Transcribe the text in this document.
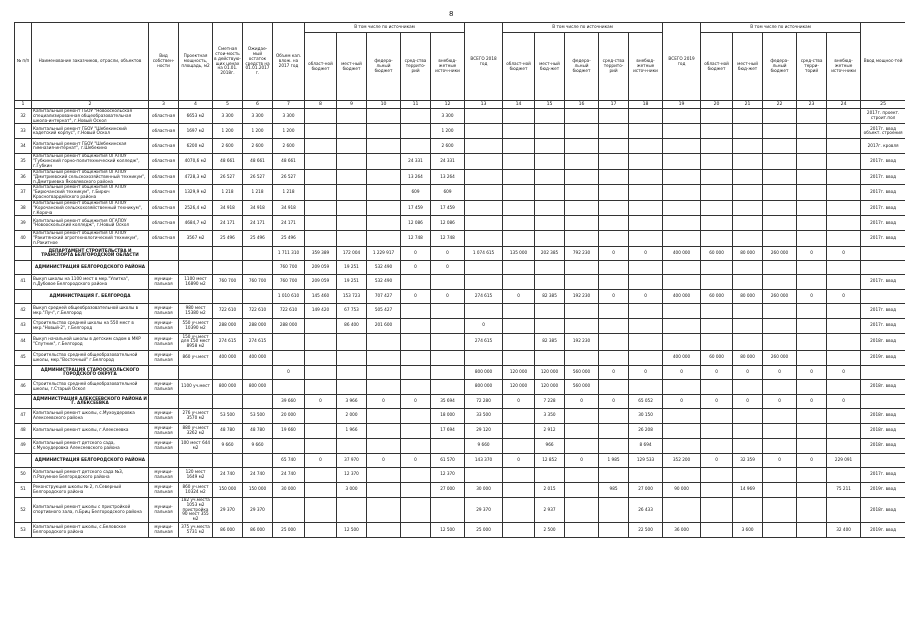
8
№ п/п	Наименование заказчиков, отрасли, объектов	Вид собствен-ности	Проектная мощность, площадь, м2	Сметная стои-мость в действую-щих ценах на 01.01. 2018г.	Ожидае-мый остаток средств на 01.01.2017 г.	Объем кап. влож. на 2017 год	В том числе по источникам					ВСЕГО 2018 год	В том числе по источникам					ВСЕГО 2019 год	В том числе по источникам					Ввод мощнос-тей
							област-ной бюджет	мест-ный бюджет	федера-льный бюджет	сред-ства террито-рий	внебюд-жетные источ-ники		област-ной бюджет	мест-ный бюд-жет	федера-льный бюджет	сред-ства террито-рий	внебюд-жетные источ-ники		област-ной бюджет	мест-ный бюд-жет	федера-льный бюджет	сред-ства терри-торий	внебюд-жетные источ-ники	
1	2	3	4	5	6	7	8	9	10	11	12	13	14	15	16	17	18	19	20	21	22	23	24	25
32	Капитальный ремонт ГБОУ "Новооскольская специализированная общеобразовательная школа-интернат", г.Новый Оскол	областная	6653 м2	3 300	3 300	3 300					3 300													2017г. проект. строит.пол
33	Капитальный ремонт ГБОУ "Шебекинский кадетский корпус", г.Новый Оскол	областная	1697 м2	1 200	1 200	1 200					1 200													2017г. ввод объект. строения
34	Капитальный ремонт ГБОУ "Шебекинская гимназия-интернат", г.Шебекино	областная	6200 м2	2 600	2 600	2 600					2 600													2017г. кровля
35	Капитальный ремонт общежития ОГАПОУ "Губкинский горно-политехнический колледж", г.Губкин	областная	4070,6 м2	48 661	48 661	48 661				24 331	24 331													2017г. ввод
36	Капитальный ремонт общежития ОГАПОУ "Дмитриевский сельскохозяйственный техникум", п.Дмитриевка Яковлевского района	областная	4728,3 м2	26 527	26 527	26 527				13 264	13 264													2017г. ввод
37	Капитальный ремонт общежития ОГАПОУ "Бирючанский техникум", г.Бирюч Красногвардейского района	областная	1329,9 м2	1 218	1 218	1 218				609	609													2017г. ввод
38	Капитальный ремонт общежития ОГАПОУ "Корочанский сельскохозяйственный техникум", г.Короча	областная	2526,4 м2	34 918	34 918	34 918				17 459	17 459													2017г. ввод
39	Капитальный ремонт общежития ОГАПОУ "Новооскольский колледж", г.Новый Оскол	областная	4684,7 м2	24 171	24 171	24 171				12 086	12 086													2017г. ввод
40	Капитальный ремонт общежития ОГАПОУ "Ракитянский агротехнологический техникум", п.Ракитное	областная	3567 м2	25 496	25 496	25 496				12 748	12 748													2017г. ввод
	ДЕПАРТАМЕНТ СТРОИТЕЛЬСТВА И ТРАНСПОРТА БЕЛГОРОДСКОЙ ОБЛАСТИ					1 711 310	359 389	172 004	1 229 917	0	0	1 074 615	135 000	202 385	792 230	0	0	400 000	60 000	80 000	260 000	0	0	
	АДМИНИСТРАЦИЯ БЕЛГОРОДСКОГО РАЙОНА					760 700	209 059	19 251	532 490	0	0													
41	Выкуп школы на 1100 мест в мкр."Улитка", п.Дубовое Белгородского района	муници-пальная	1100 мест 16890 м2	760 700	760 700	760 700	209 059	19 251	532 490															2017г. ввод
	АДМИНИСТРАЦИЯ Г. БЕЛГОРОДА					1 010 610	145 460	153 723	707 427	0	0	274 615	0	82 385	192 230	0	0	400 000	60 000	80 000	260 000	0	0	
42	Выкуп средней общеобразовательной школы в мкр."Луч", г.Белгород	муници-пальная	980 мест 15380 м2	722 610	722 610	722 610	149 420	67 753	505 427															2017г. ввод
43	Строительство средней школы на 550 мест в мкр."Новый-2", г.Белгород	муници-пальная	550 уч.мест 10390 м2	288 000	288 000	288 000		86 400	201 600			0												2017г. ввод
44	Выкуп начальной школы в детским садом в МКР "Спутник", г.Белгород	муници-пальная	150 уч.мест для 150 мест 8958 м2	274 615	274 615							274 615		82 385	192 230									2018г. ввод
45	Строительство средней общеобразовательной школы, мкр."Восточный" г.Белгород	муници-пальная	860 уч.мест	400 000	400 000													400 000	60 000	80 000	260 000			2019г. ввод
	АДМИНИСТРАЦИЯ СТАРООСКОЛЬСКОГО ГОРОДСКОГО ОКРУГА					0						800 000	120 000	120 000	560 000	0	0	0	0	0	0	0	0	
46	Строительство средней общеобразовательной школы, г.Старый Оскол	муници-пальная	1100 уч.мест	800 000	800 000							800 000	120 000	120 000	560 000									2018г. ввод
	АДМИНИСТРАЦИЯ АЛЕКСЕЕВСКОГО РАЙОНА И Г. АЛЕКСЕЕВКА					39 660	0	3 966	0	0	35 694	72 280	0	7 228	0	0	65 052	0	0	0	0	0	0	
47	Капитальный ремонт школы, с.Мухоудеровка Алексеевского района	муници-пальная	276 уч.мест 3570 м2	53 500	53 500	20 000		2 000			18 000	33 500		3 350			30 150							2018г. ввод
48	Капитальный ремонт школы, г.Алексеевка	муници-пальная	880 уч.мест 3262 м2	48 780	48 780	19 660		1 966			17 694	29 120		2 912			26 208							2018г. ввод
49	Капитальный ремонт детского сада, с.Мухоудеровка Алексеевского района	муници-пальная	100 мест 644 м2	9 660	9 660							9 660		966			8 694							2018г. ввод
	АДМИНИСТРАЦИЯ БЕЛГОРОДСКОГО РАЙОНА					65 740	0	37 970	0	0	61 570	143 370	0	12 852	0	1 985	129 533	352 200	0	32 359	0	0	229 091	
50	Капитальный ремонт детского сада №3, п.Разумное Белгородского района	муници-пальная	120 мест 1649 м2	24 740	24 740	24 740		12 370			12 370													2017г. ввод
51	Реконструкция школы № 2, п.Северный Белгородского района	муници-пальная	860 уч.мест 10324 м2	150 000	150 000	30 000		3 000			27 000	30 000		2 015		985	27 000	90 000		14 969			75 211	2019г. ввод
52	Капитальный ремонт школы с пристройкой спортивного зала, п.Бриц Белгородского района	муници-пальная	182 уч.места 1053 м2 пристройка 90 мест 355 м2	29 370	29 370							29 370		2 937			26 433							2018г. ввод
53	Капитальный ремонт школы, с.Беловское Белгородского района	муници-пальная	375 уч.места 5731 м2	86 000	86 000	25 000		12 500			12 500	25 000		2 500			22 500	36 000		3 600			32 400	2019г. ввод
